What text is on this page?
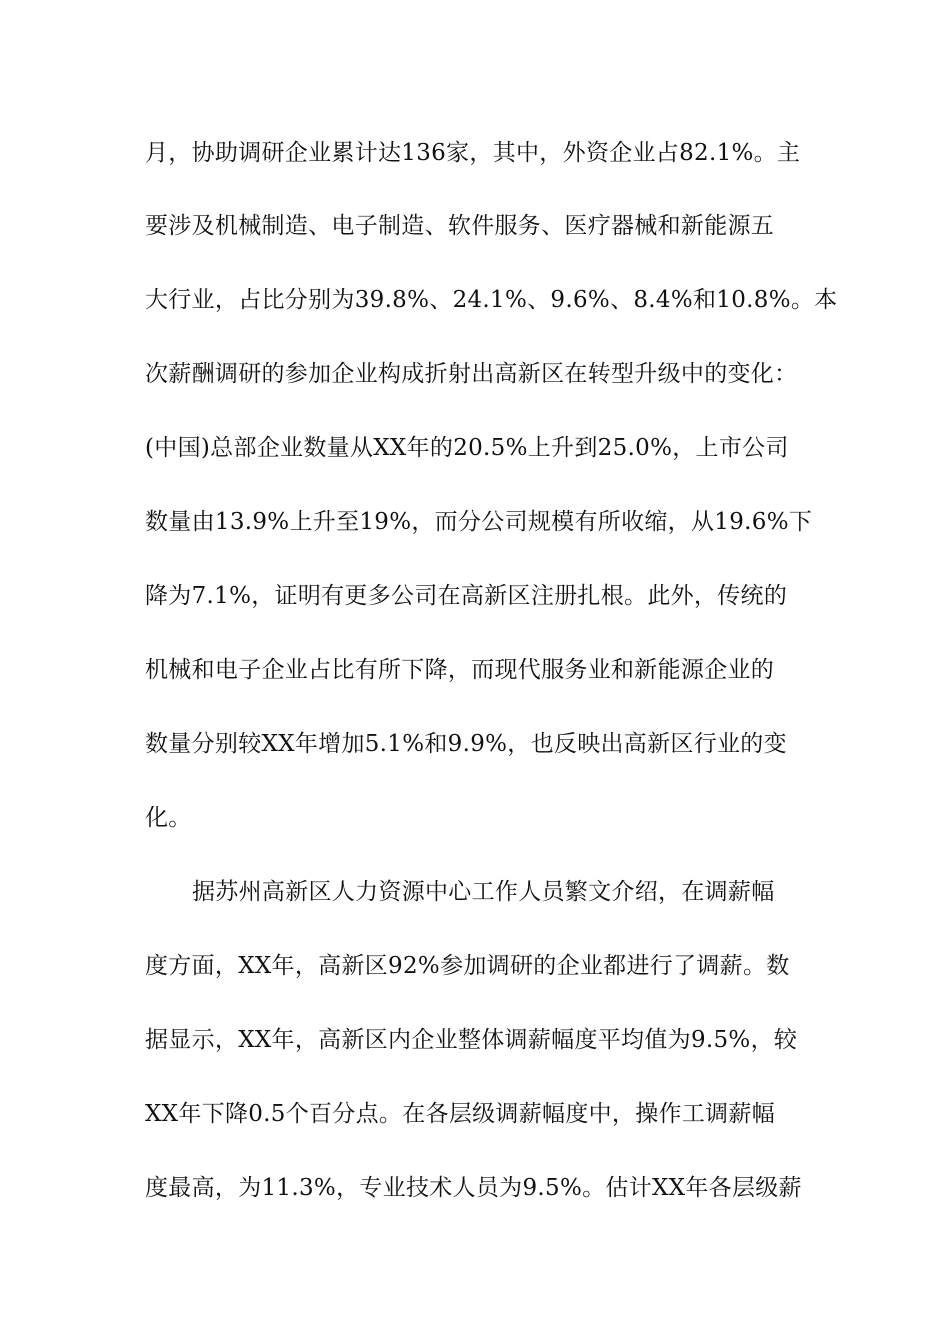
月，协助调研企业累计达136家，其中，外资企业占82.1%。主
要涉及机械制造、电子制造、软件服务、医疗器械和新能源五
大行业，占比分别为39.8%、24.1%、9.6%、8.4%和10.8%。本
次薪酬调研的参加企业构成折射出高新区在转型升级中的变化：
(中国)总部企业数量从XX年的20.5%上升到25.0%，上市公司
数量由13.9%上升至19%，而分公司规模有所收缩，从19.6%下
降为7.1%，证明有更多公司在高新区注册扎根。此外，传统的
机械和电子企业占比有所下降，而现代服务业和新能源企业的
数量分别较XX年增加5.1%和9.9%，也反映出高新区行业的变
化。
据苏州高新区人力资源中心工作人员繁文介绍，在调薪幅
度方面，XX年，高新区92%参加调研的企业都进行了调薪。数
据显示，XX年，高新区内企业整体调薪幅度平均值为9.5%，较
XX年下降0.5个百分点。在各层级调薪幅度中，操作工调薪幅
度最高，为11.3%，专业技术人员为9.5%。估计XX年各层级薪
